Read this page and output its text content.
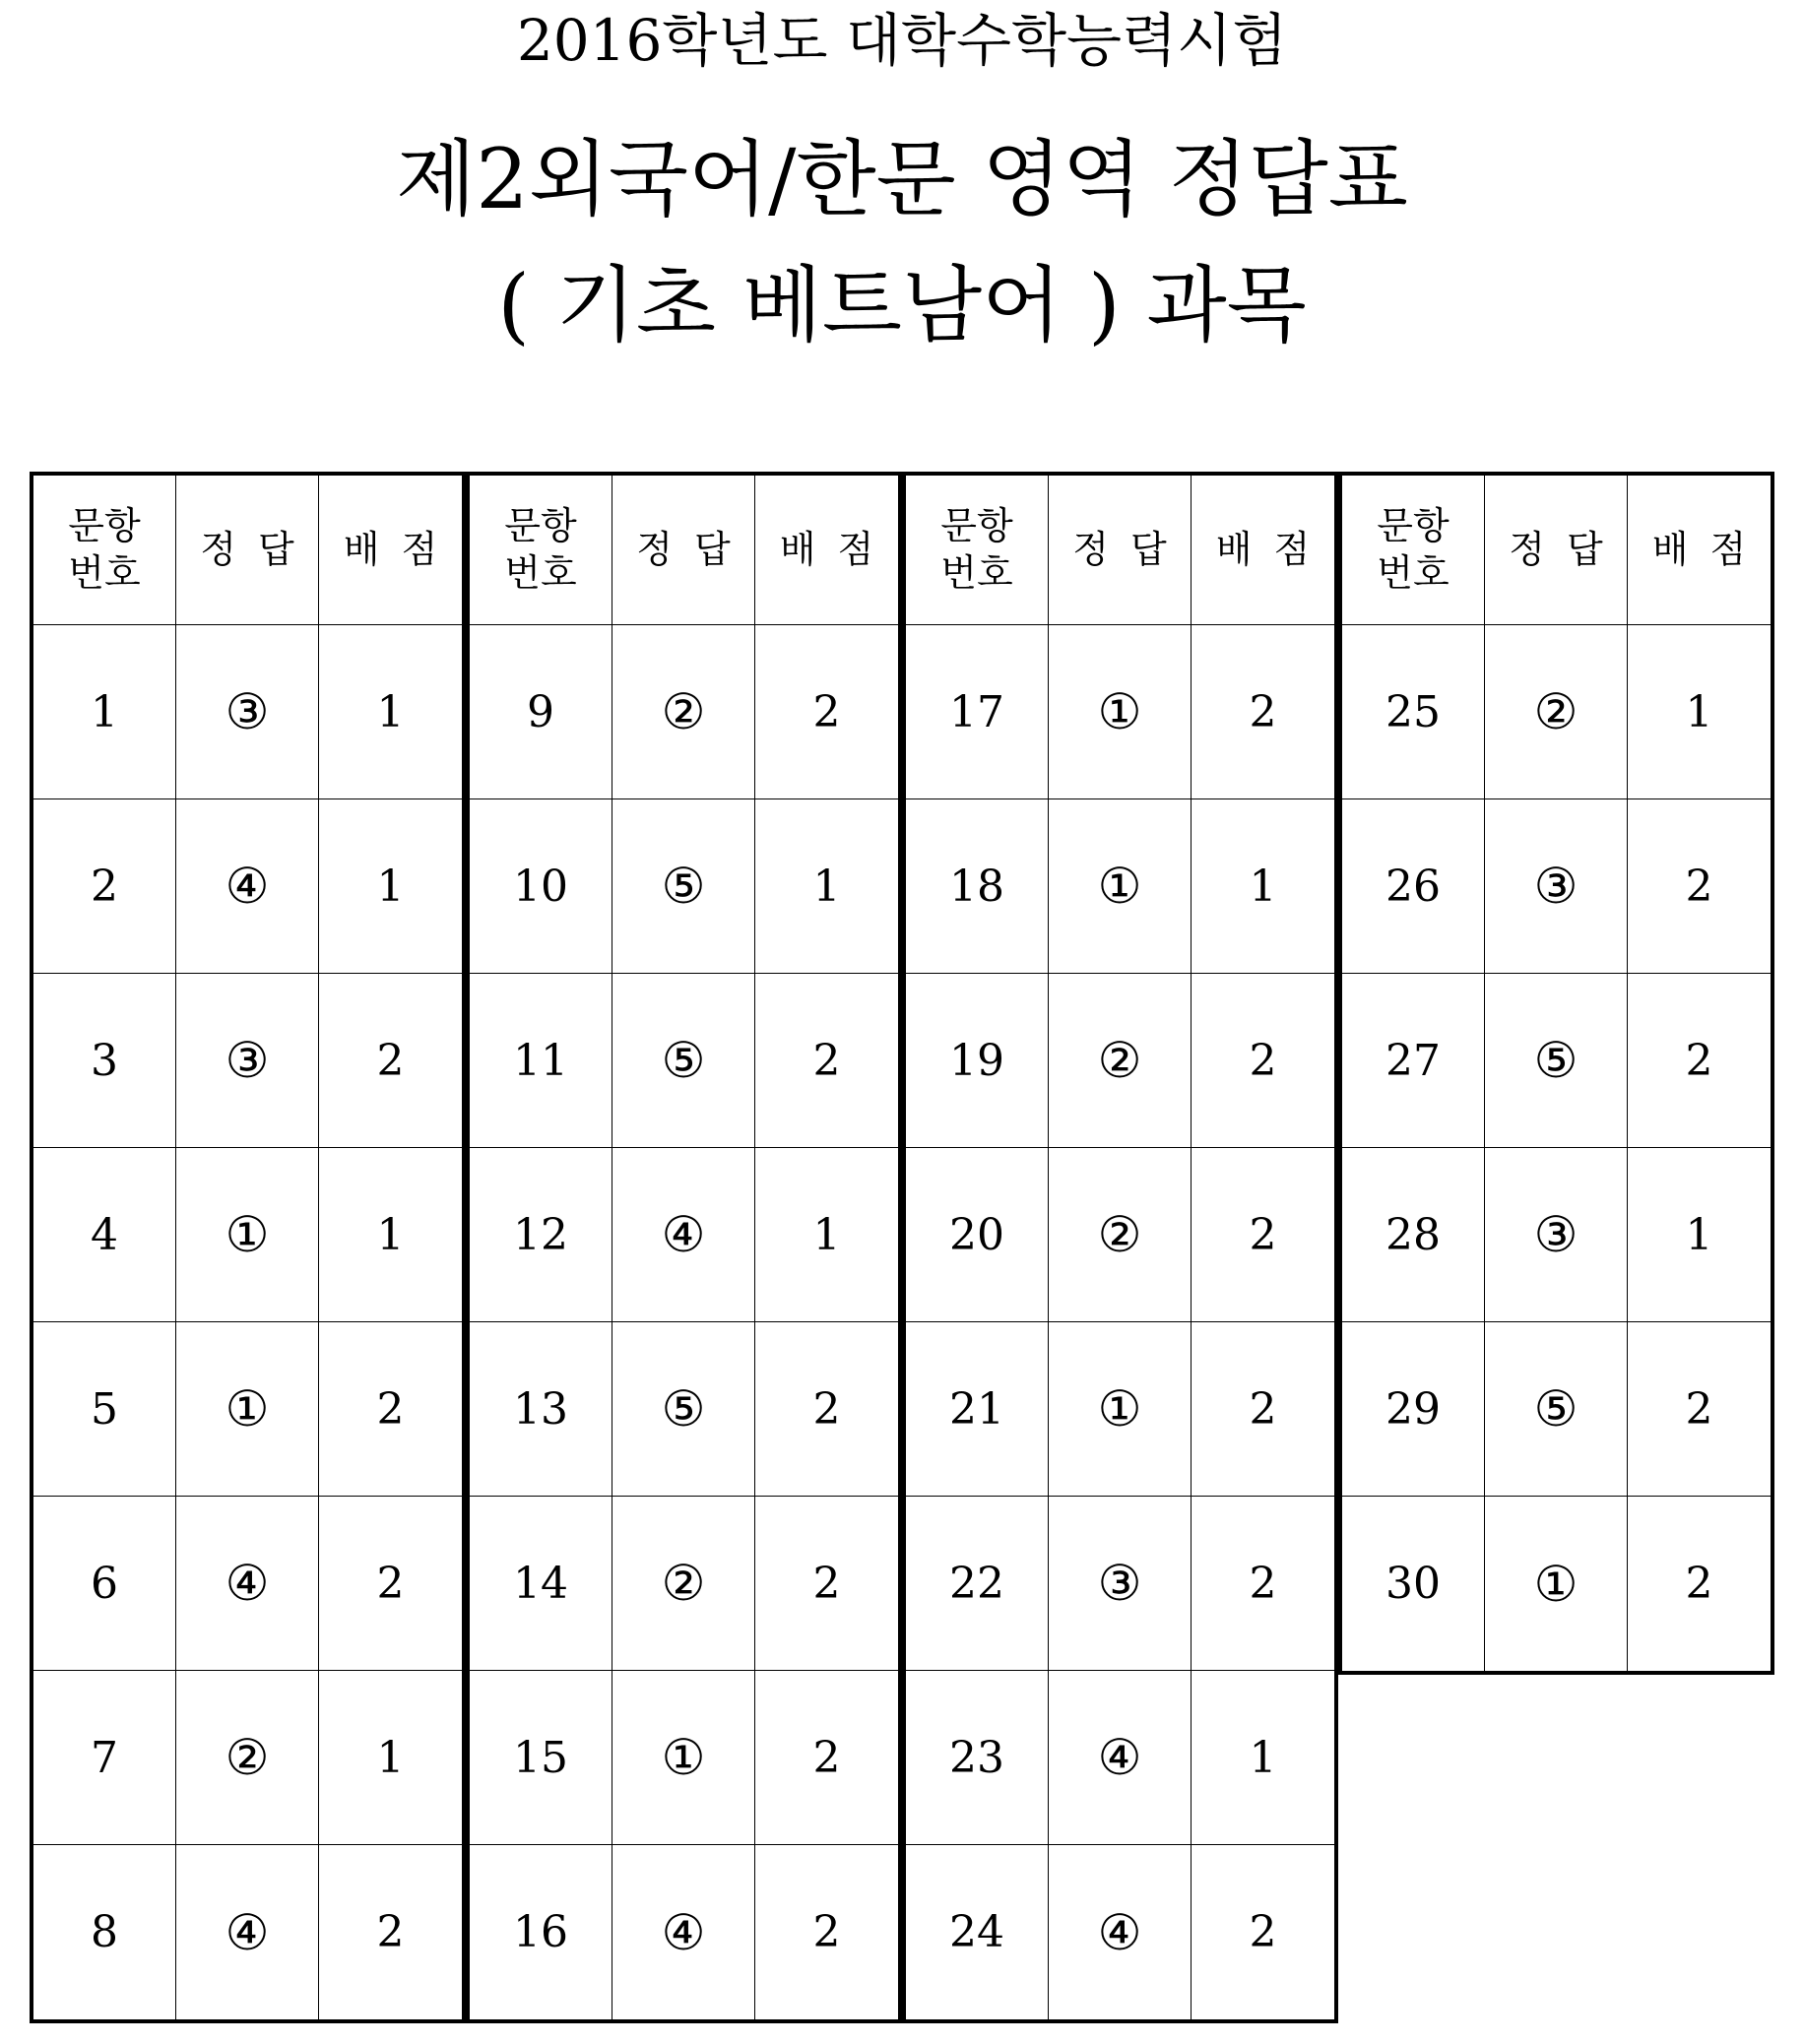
2016학년도 대학수학능력시험
제2외국어/한문 영역 정답표
( 기초 베트남어 ) 과목
문항
번호
정답 배점
1	③	1
2	④	1
3	③	2
4	①	1
5	①	2
6	④	2
7	②	1
8	④	2
문항
번호
정답 배점
9	②	2
10	⑤	1
11	⑤	2
12	④	1
13	⑤	2
14	②	2
15	①	2
16	④	2
문항
번호
정답 배점
17	①	2
18	①	1
19	②	2
20	②	2
21	①	2
22	③	2
23	④	1
24	④	2
문항
번호
정답 배점
25	②	1
26	③	2
27	⑤	2
28	③	1
29	⑤	2
30	①	2
